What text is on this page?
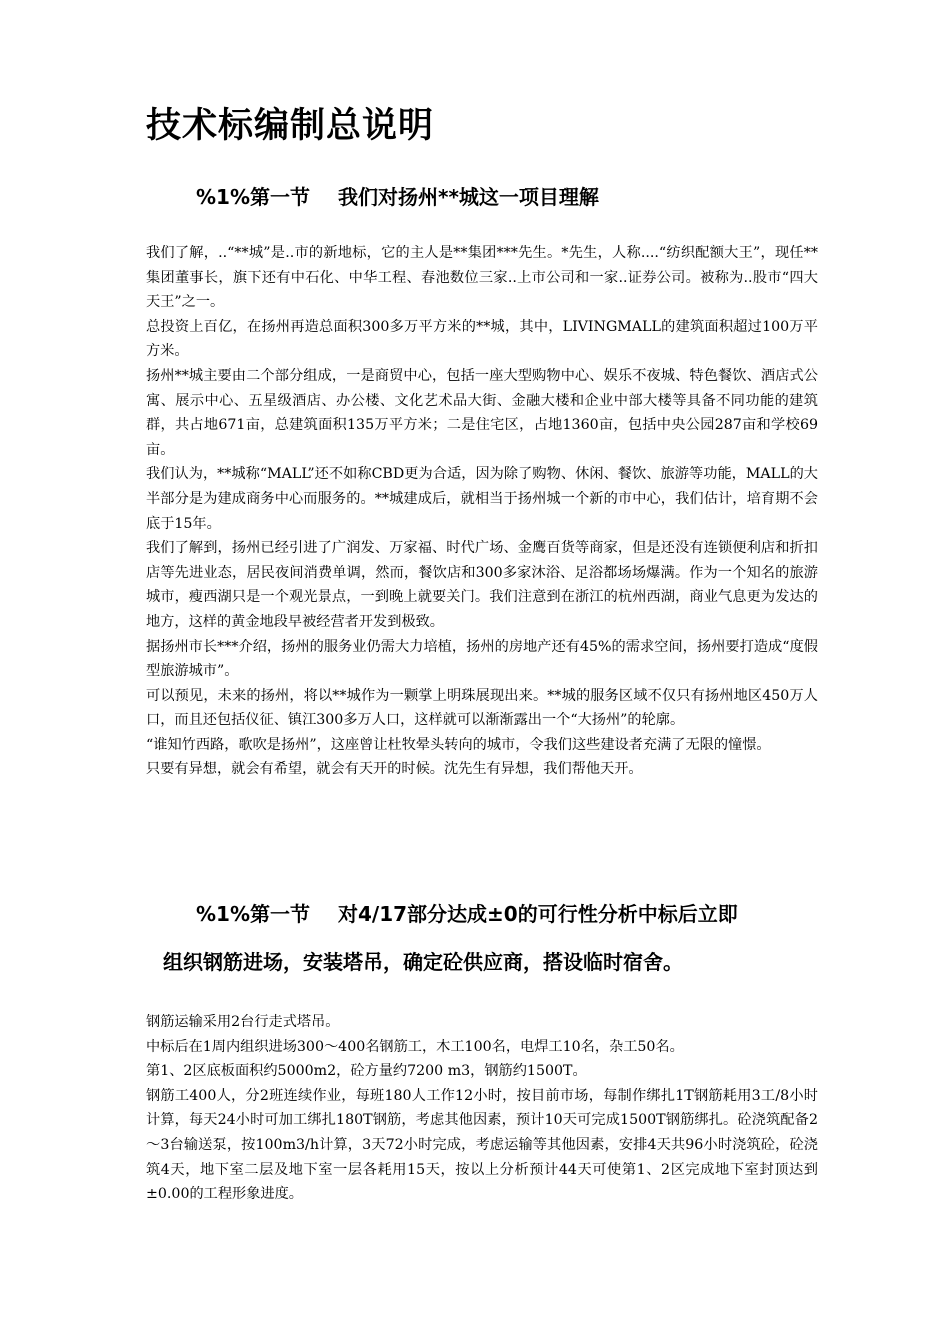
技术标编制总说明
%1%第一节 我们对扬州**城这一项目理解

我们了解，..“**城”是..市的新地标，它的主人是**集团***先生。*先生，人称....“纺织配额大王”，现任**集团董事长，旗下还有中石化、中华工程、春池数位三家..上市公司和一家..证券公司。被称为..股市“四大天王”之一。

总投资上百亿，在扬州再造总面积300多万平方米的**城，其中，LIVINGMALL的建筑面积超过100万平方米。

扬州**城主要由二个部分组成，一是商贸中心，包括一座大型购物中心、娱乐不夜城、特色餐饮、酒店式公寓、展示中心、五星级酒店、办公楼、文化艺术品大街、金融大楼和企业中部大楼等具备不同功能的建筑群，共占地671亩，总建筑面积135万平方米；二是住宅区，占地1360亩，包括中央公园287亩和学校69亩。

我们认为，**城称“MALL”还不如称CBD更为合适，因为除了购物、休闲、餐饮、旅游等功能，MALL的大半部分是为建成商务中心而服务的。**城建成后，就相当于扬州城一个新的市中心，我们估计，培育期不会底于15年。

我们了解到，扬州已经引进了广润发、万家福、时代广场、金鹰百货等商家，但是还没有连锁便利店和折扣店等先进业态，居民夜间消费单调，然而，餐饮店和300多家沐浴、足浴都场场爆满。作为一个知名的旅游城市，瘦西湖只是一个观光景点，一到晚上就要关门。我们注意到在浙江的杭州西湖，商业气息更为发达的地方，这样的黄金地段早被经营者开发到极致。

据扬州市长***介绍，扬州的服务业仍需大力培植，扬州的房地产还有45%的需求空间，扬州要打造成“度假型旅游城市”。

可以预见，未来的扬州，将以**城作为一颗掌上明珠展现出来。**城的服务区域不仅只有扬州地区450万人口，而且还包括仪征、镇江300多万人口，这样就可以渐渐露出一个“大扬州”的轮廓。

“谁知竹西路，歌吹是扬州”，这座曾让杜牧晕头转向的城市，令我们这些建设者充满了无限的憧憬。

只要有异想，就会有希望，就会有天开的时候。沈先生有异想，我们帮他天开。

%1%第一节 对4/17部分达成±0的可行性分析中标后立即
组织钢筋进场，安装塔吊，确定砼供应商，搭设临时宿舍。

钢筋运输采用2台行走式塔吊。

中标后在1周内组织进场300～400名钢筋工，木工100名，电焊工10名，杂工50名。

第1、2区底板面积约5000m2，砼方量约7200 m3，钢筋约1500T。

钢筋工400人，分2班连续作业，每班180人工作12小时，按目前市场，每制作绑扎1T钢筋耗用3工/8小时计算，每天24小时可加工绑扎180T钢筋，考虑其他因素，预计10天可完成1500T钢筋绑扎。砼浇筑配备2～3台输送泵，按100m3/h计算，3天72小时完成，考虑运输等其他因素，安排4天共96小时浇筑砼，砼浇筑4天，地下室二层及地下室一层各耗用15天，按以上分析预计44天可使第1、2区完成地下室封顶达到±0.00的工程形象进度。
